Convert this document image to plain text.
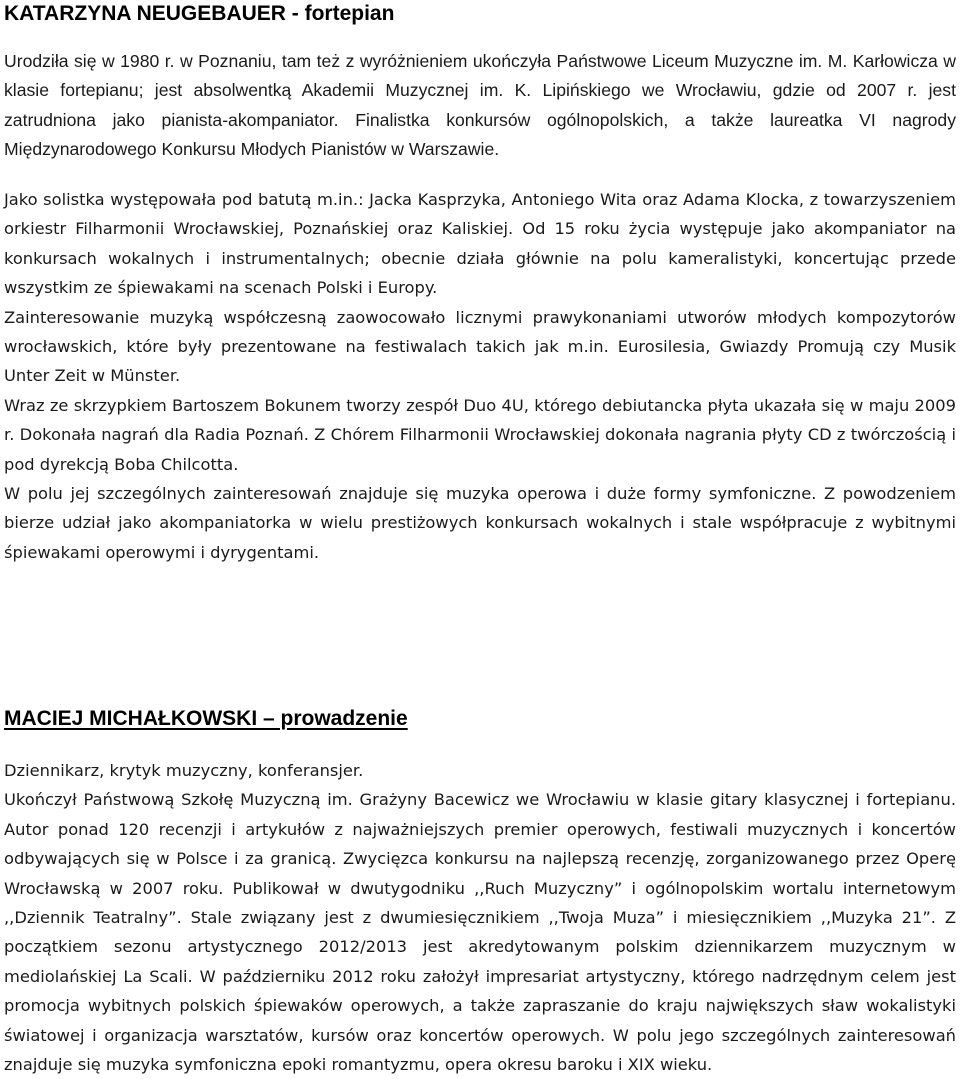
KATARZYNA NEUGEBAUER - fortepian

Urodziła się w 1980 r. w Poznaniu, tam też z wyróżnieniem ukończyła Państwowe Liceum Muzyczne im. M. Karłowicza w klasie fortepianu; jest absolwentką Akademii Muzycznej im. K. Lipińskiego we Wrocławiu, gdzie od 2007 r. jest zatrudniona jako pianista-akompaniator. Finalistka konkursów ogólnopolskich, a także laureatka VI nagrody Międzynarodowego Konkursu Młodych Pianistów w Warszawie.

Jako solistka występowała pod batutą m.in.: Jacka Kasprzyka, Antoniego Wita oraz Adama Klocka, z towarzyszeniem orkiestr Filharmonii Wrocławskiej, Poznańskiej oraz Kaliskiej. Od 15 roku życia występuje jako akompaniator na konkursach wokalnych i instrumentalnych; obecnie działa głównie na polu kameralistyki, koncertując przede wszystkim ze śpiewakami na scenach Polski i Europy.

Zainteresowanie muzyką współczesną zaowocowało licznymi prawykonaniami utworów młodych kompozytorów wrocławskich, które były prezentowane na festiwalach takich jak m.in. Eurosilesia, Gwiazdy Promują czy Musik Unter Zeit w Münster.

Wraz ze skrzypkiem Bartoszem Bokunem tworzy zespół Duo 4U, którego debiutancka płyta ukazała się w maju 2009 r. Dokonała nagrań dla Radia Poznań. Z Chórem Filharmonii Wrocławskiej dokonała nagrania płyty CD z twórczością i pod dyrekcją Boba Chilcotta.

W polu jej szczególnych zainteresowań znajduje się muzyka operowa i duże formy symfoniczne. Z powodzeniem bierze udział jako akompaniatorka w wielu prestiżowych konkursach wokalnych i stale współpracuje z wybitnymi śpiewakami operowymi i dyrygentami.

MACIEJ MICHAŁKOWSKI – prowadzenie

Dziennikarz, krytyk muzyczny, konferansjer.

Ukończył Państwową Szkołę Muzyczną im. Grażyny Bacewicz we Wrocławiu w klasie gitary klasycznej i fortepianu. Autor ponad 120 recenzji i artykułów z najważniejszych premier operowych, festiwali muzycznych i koncertów odbywających się w Polsce i za granicą. Zwycięzca konkursu na najlepszą recenzję, zorganizowanego przez Operę Wrocławską w 2007 roku. Publikował w dwutygodniku ,,Ruch Muzyczny” i ogólnopolskim wortalu internetowym ,,Dziennik Teatralny”. Stale związany jest z dwumiesięcznikiem ,,Twoja Muza” i miesięcznikiem ,,Muzyka 21”. Z początkiem sezonu artystycznego 2012/2013 jest akredytowanym polskim dziennikarzem muzycznym w mediolańskiej La Scali. W październiku 2012 roku założył impresariat artystyczny, którego nadrzędnym celem jest promocja wybitnych polskich śpiewaków operowych, a także zapraszanie do kraju największych sław wokalistyki światowej i organizacja warsztatów, kursów oraz koncertów operowych. W polu jego szczególnych zainteresowań znajduje się muzyka symfoniczna epoki romantyzmu, opera okresu baroku i XIX wieku.
